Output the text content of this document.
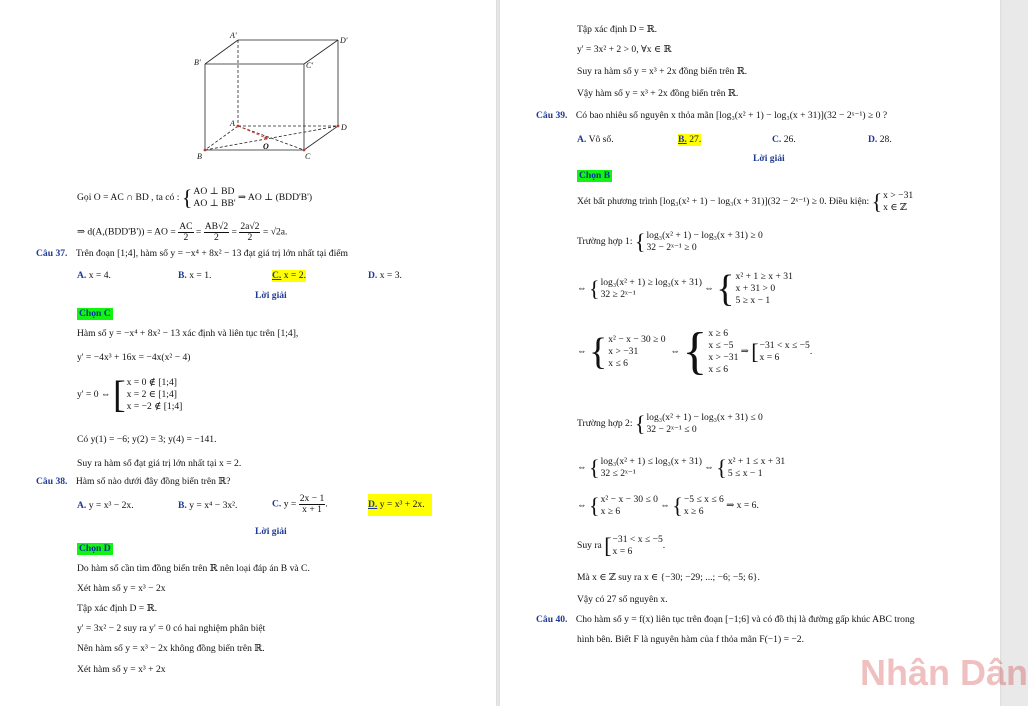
A'
D'
B'	C'
A	D
B	C
O
Gọi O = AC ∩ BD , ta có : { AO ⊥ BD
AO ⊥ BB'
⇒ AO ⊥ (BDD'B')
⇒ d(A,(BDD'B')) = AO = $\frac{AC}{2} = \frac{AB√2}{2} = \frac{2a√2}{2} = √2a$.
Câu 37. Trên đoạn [1;4], hàm số y = −x⁴ + 8x² − 13 đạt giá trị lớn nhất tại điểm
A. x = 4.	B. x = 1.	C. x = 2.	D. x = 3.
Lời giải
Chọn C
Hàm số y = −x⁴ + 8x² − 13 xác định và liên tục trên [1;4],
y' = −4x³ + 16x = −4x(x² − 4)
y' = 0 ⇔ [ x = 0 ∉ [1;4]
x = 2 ∈ [1;4]
x = −2 ∉ [1;4]
Có y(1) = −6; y(2) = 3; y(4) = −141.
Suy ra hàm số đạt giá trị lớn nhất tại x = 2.
Câu 38. Hàm số nào dưới đây đồng biến trên ℝ?
A. y = x³ − 2x.	B. y = x⁴ − 3x².	C. $y = \frac{2x - 1}{x + 1}$ .	D. y = x³ + 2x.
Lời giải
Chọn D
Do hàm số cần tìm đồng biến trên ℝ nên loại đáp án B và C.
Xét hàm số y = x³ − 2x
Tập xác định D = ℝ.
y' = 3x² − 2 suy ra y' = 0 có hai nghiệm phân biệt
Nên hàm số y = x³ − 2x không đồng biến trên ℝ.
Xét hàm số y = x³ + 2x
Tập xác định D = ℝ.
y' = 3x² + 2 > 0, ∀x ∈ ℝ
Suy ra hàm số y = x³ + 2x đồng biến trên ℝ.
Vậy hàm số y = x³ + 2x đồng biến trên ℝ.
Câu 39. Có bao nhiêu số nguyên x thỏa mãn [log₃(x² + 1) − log₃(x + 31)](32 − 2ˣ⁻¹) ≥ 0 ?
A. Vô số.	B. 27.	C. 26.	D. 28.
Lời giải
Chọn B
Xét bất phương trình [log₃(x² + 1) − log₃(x + 31)](32 − 2ˣ⁻¹) ≥ 0. Điều kiện: { x > −31
x ∈ ℤ
Trường hợp 1: { log₃(x² + 1) − log₃(x + 31) ≥ 0
32 − 2ˣ⁻¹ ≥ 0
⇔ { log₃(x² + 1) ≥ log₃(x + 31)
32 ≥ 2ˣ⁻¹
⇔ { x² + 1 ≥ x + 31
x + 31 > 0
5 ≥ x − 1
⇔ { x² − x − 30 ≥ 0
x > −31
x ≤ 6
⇔ { x ≥ 6
x ≤ −5
x > −31
x ≤ 6
⇒ [ −31 < x ≤ −5
x = 6
.
Trường hợp 2: { log₃(x² + 1) − log₃(x + 31) ≤ 0
32 − 2ˣ⁻¹ ≤ 0
⇔ { log₃(x² + 1) ≤ log₃(x + 31)
32 ≤ 2ˣ⁻¹
⇔ { x² + 1 ≤ x + 31
5 ≤ x − 1
⇔ { x² − x − 30 ≤ 0
x ≥ 6
⇔ { −5 ≤ x ≤ 6
x ≥ 6
⇒ x = 6.
Suy ra [ −31 < x ≤ −5
x = 6
.
Mà x ∈ ℤ suy ra x ∈ {−30; −29; ...; −6; −5; 6}.
Vậy có 27 số nguyên x.
Câu 40. Cho hàm số y = f(x) liên tục trên đoạn [−1;6] và có đồ thị là đường gấp khúc ABC trong
hình bên. Biết F là nguyên hàm của f thỏa mãn F(−1) = −2.
Nhân Dân
